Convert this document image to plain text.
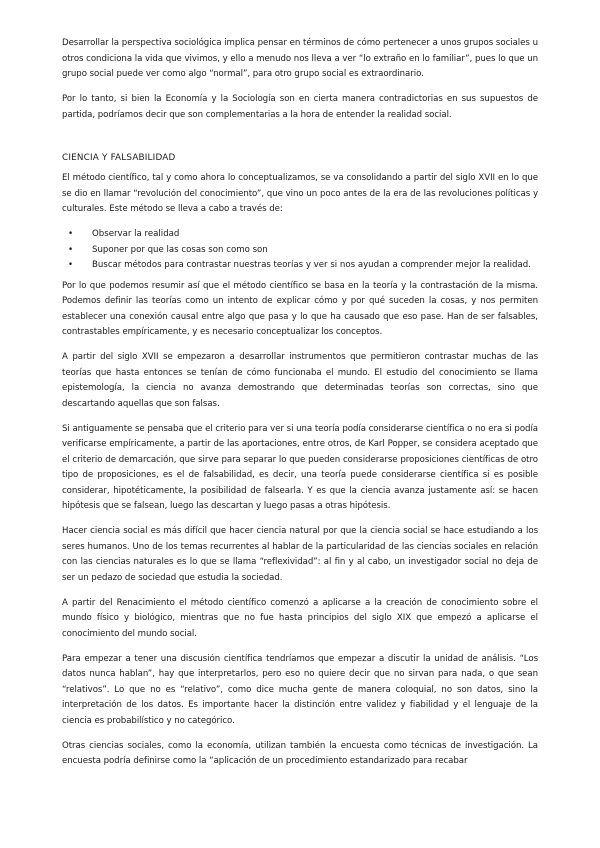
Desarrollar la perspectiva sociológica implica pensar en términos de cómo pertenecer a unos grupos sociales u otros condiciona la vida que vivimos, y ello a menudo nos lleva a ver “lo extraño en lo familiar”, pues lo que un grupo social puede ver como algo “normal”, para otro grupo social es extraordinario.

Por lo tanto, si bien la Economía y la Sociología son en cierta manera contradictorias en sus supuestos de partida, podríamos decir que son complementarias a la hora de entender la realidad social.

CIENCIA Y FALSABILIDAD

El método científico, tal y como ahora lo conceptualizamos, se va consolidando a partir del siglo XVII en lo que se dio en llamar “revolución del conocimiento”, que vino un poco antes de la era de las revoluciones políticas y culturales. Este método se lleva a cabo a través de:

• Observar la realidad
• Suponer por que las cosas son como son
• Buscar métodos para contrastar nuestras teorías y ver si nos ayudan a comprender mejor la realidad.

Por lo que podemos resumir así que el método científico se basa en la teoría y la contrastación de la misma. Podemos definir las teorías como un intento de explicar cómo y por qué suceden la cosas, y nos permiten establecer una conexión causal entre algo que pasa y lo que ha causado que eso pase. Han de ser falsables, contrastables empíricamente, y es necesario conceptualizar los conceptos.

A partir del siglo XVII se empezaron a desarrollar instrumentos que permitieron contrastar muchas de las teorías que hasta entonces se tenían de cómo funcionaba el mundo. El estudio del conocimiento se llama epistemología, la ciencia no avanza demostrando que determinadas teorías son correctas, sino que descartando aquellas que son falsas.

Si antiguamente se pensaba que el criterio para ver si una teoría podía considerarse científica o no era si podía verificarse empíricamente, a partir de las aportaciones, entre otros, de Karl Popper, se considera aceptado que el criterio de demarcación, que sirve para separar lo que pueden considerarse proposiciones científicas de otro tipo de proposiciones, es el de falsabilidad, es decir, una teoría puede considerarse científica si es posible considerar, hipotéticamente, la posibilidad de falsearla. Y es que la ciencia avanza justamente así: se hacen hipótesis que se falsean, luego las descartan y luego pasas a otras hipótesis.

Hacer ciencia social es más difícil que hacer ciencia natural por que la ciencia social se hace estudiando a los seres humanos. Uno de los temas recurrentes al hablar de la particularidad de las ciencias sociales en relación con las ciencias naturales es lo que se llama “reflexividad”: al fin y al cabo, un investigador social no deja de ser un pedazo de sociedad que estudia la sociedad.

A partir del Renacimiento el método científico comenzó a aplicarse a la creación de conocimiento sobre el mundo físico y biológico, mientras que no fue hasta principios del siglo XIX que empezó a aplicarse el conocimiento del mundo social.

Para empezar a tener una discusión científica tendríamos que empezar a discutir la unidad de análisis. “Los datos nunca hablan”, hay que interpretarlos, pero eso no quiere decir que no sirvan para nada, o que sean “relativos”. Lo que no es “relativo”, como dice mucha gente de manera coloquial, no son datos, sino la interpretación de los datos. Es importante hacer la distinción entre validez y fiabilidad y el lenguaje de la ciencia es probabilístico y no categórico.

Otras ciencias sociales, como la economía, utilizan también la encuesta como técnicas de investigación. La encuesta podría definirse como la “aplicación de un procedimiento estandarizado para recabar
